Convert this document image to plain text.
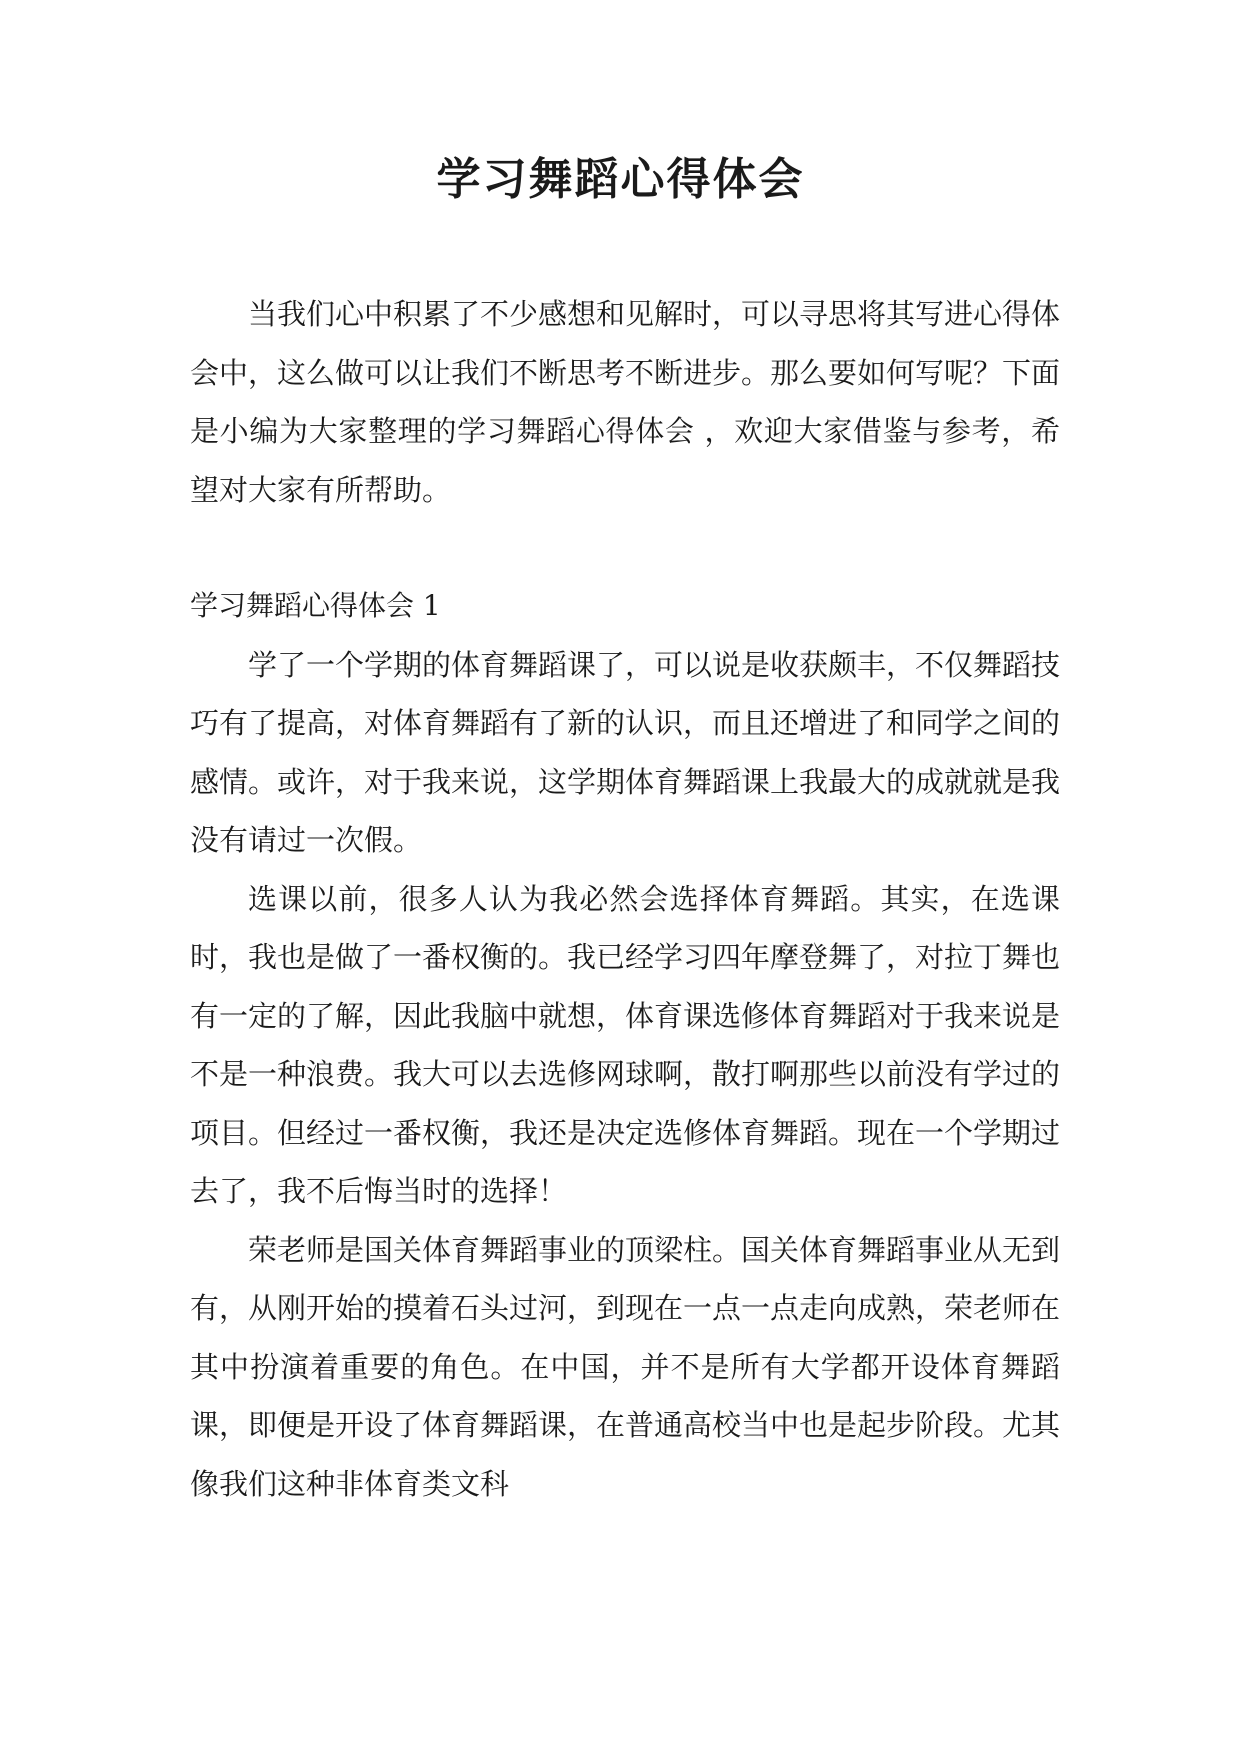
学习舞蹈心得体会

当我们心中积累了不少感想和见解时，可以寻思将其写进心得体会中，这么做可以让我们不断思考不断进步。那么要如何写呢？下面是小编为大家整理的学习舞蹈心得体会 ，欢迎大家借鉴与参考，希望对大家有所帮助。

学习舞蹈心得体会 1

学了一个学期的体育舞蹈课了，可以说是收获颇丰，不仅舞蹈技巧有了提高，对体育舞蹈有了新的认识，而且还增进了和同学之间的感情。或许，对于我来说，这学期体育舞蹈课上我最大的成就就是我没有请过一次假。

选课以前，很多人认为我必然会选择体育舞蹈。其实，在选课时，我也是做了一番权衡的。我已经学习四年摩登舞了，对拉丁舞也有一定的了解，因此我脑中就想，体育课选修体育舞蹈对于我来说是不是一种浪费。我大可以去选修网球啊，散打啊那些以前没有学过的项目。但经过一番权衡，我还是决定选修体育舞蹈。现在一个学期过去了，我不后悔当时的选择！

荣老师是国关体育舞蹈事业的顶梁柱。国关体育舞蹈事业从无到有，从刚开始的摸着石头过河，到现在一点一点走向成熟，荣老师在其中扮演着重要的角色。在中国，并不是所有大学都开设体育舞蹈课，即便是开设了体育舞蹈课，在普通高校当中也是起步阶段。尤其像我们这种非体育类文科
